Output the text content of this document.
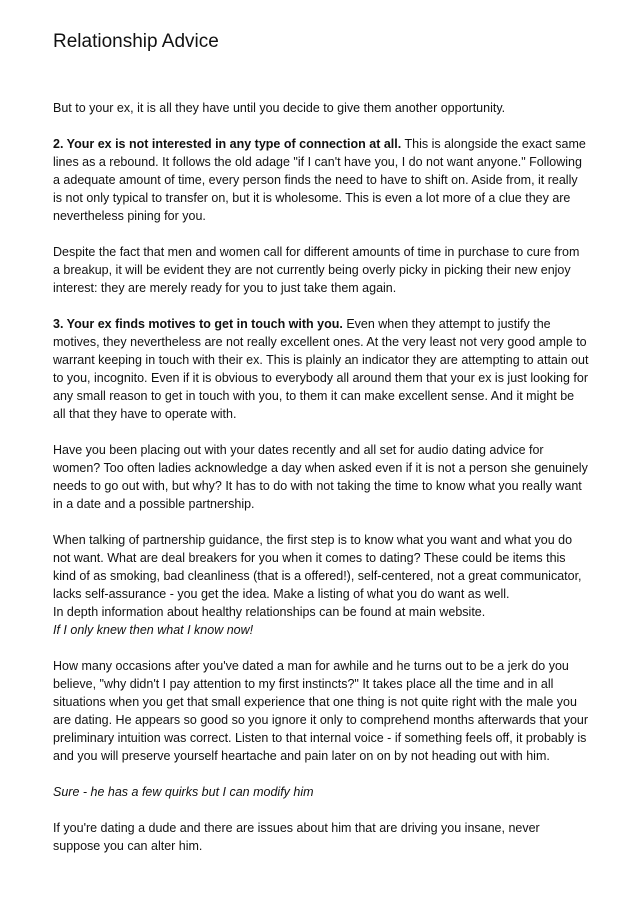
Relationship Advice

But to your ex, it is all they have until you decide to give them another opportunity.

2. Your ex is not interested in any type of connection at all. This is alongside the exact same lines as a rebound. It follows the old adage "if I can't have you, I do not want anyone." Following a adequate amount of time, every person finds the need to have to shift on. Aside from, it really is not only typical to transfer on, but it is wholesome. This is even a lot more of a clue they are nevertheless pining for you.

Despite the fact that men and women call for different amounts of time in purchase to cure from a breakup, it will be evident they are not currently being overly picky in picking their new enjoy interest: they are merely ready for you to just take them again.

3. Your ex finds motives to get in touch with you. Even when they attempt to justify the motives, they nevertheless are not really excellent ones. At the very least not very good ample to warrant keeping in touch with their ex. This is plainly an indicator they are attempting to attain out to you, incognito. Even if it is obvious to everybody all around them that your ex is just looking for any small reason to get in touch with you, to them it can make excellent sense. And it might be all that they have to operate with.

Have you been placing out with your dates recently and all set for audio dating advice for women? Too often ladies acknowledge a day when asked even if it is not a person she genuinely needs to go out with, but why? It has to do with not taking the time to know what you really want in a date and a possible partnership.

When talking of partnership guidance, the first step is to know what you want and what you do not want. What are deal breakers for you when it comes to dating? These could be items this kind of as smoking, bad cleanliness (that is a offered!), self-centered, not a great communicator, lacks self-assurance - you get the idea. Make a listing of what you do want as well.

In depth information about healthy relationships can be found at main website.

If I only knew then what I know now!

How many occasions after you've dated a man for awhile and he turns out to be a jerk do you believe, "why didn't I pay attention to my first instincts?" It takes place all the time and in all situations when you get that small experience that one thing is not quite right with the male you are dating. He appears so good so you ignore it only to comprehend months afterwards that your preliminary intuition was correct. Listen to that internal voice - if something feels off, it probably is and you will preserve yourself heartache and pain later on on by not heading out with him.

Sure - he has a few quirks but I can modify him

If you're dating a dude and there are issues about him that are driving you insane, never suppose you can alter him.
